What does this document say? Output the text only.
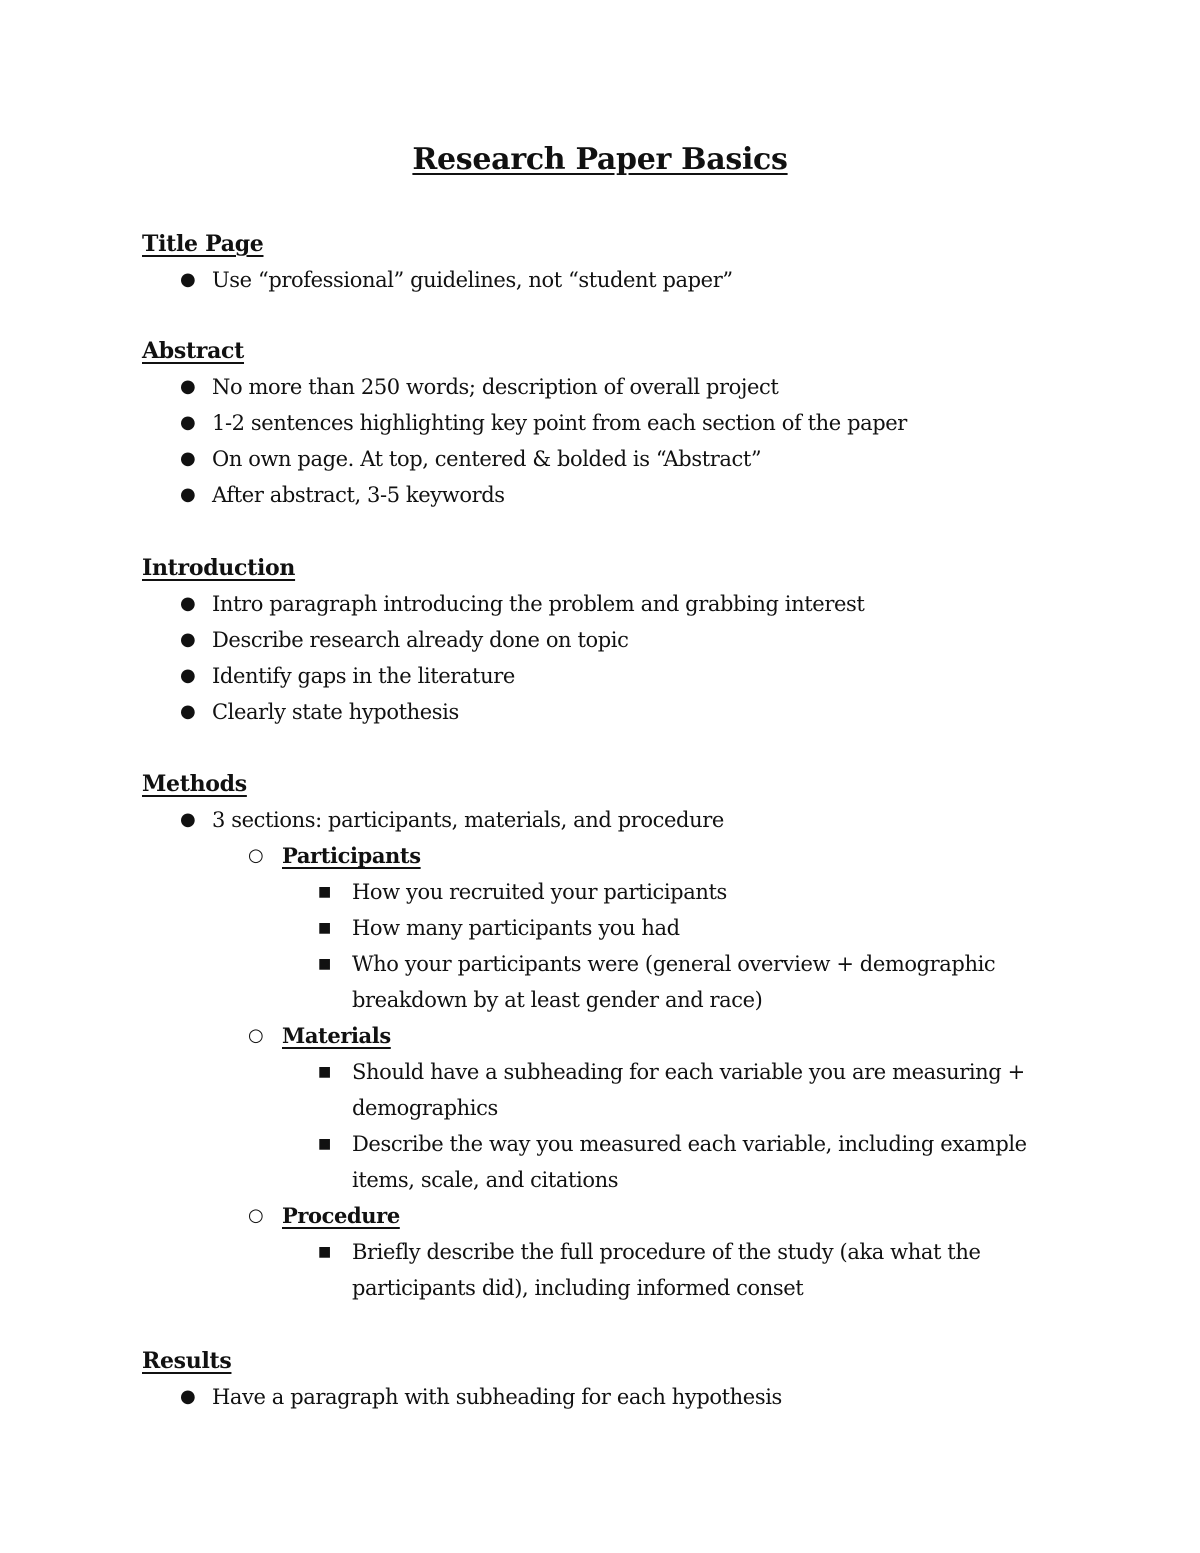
Research Paper Basics
Title Page
● Use “professional” guidelines, not “student paper”
Abstract
● No more than 250 words; description of overall project
● 1-2 sentences highlighting key point from each section of the paper
● On own page. At top, centered & bolded is “Abstract”
● After abstract, 3-5 keywords
Introduction
● Intro paragraph introducing the problem and grabbing interest
● Describe research already done on topic
● Identify gaps in the literature
● Clearly state hypothesis
Methods
● 3 sections: participants, materials, and procedure
○ Participants
■ How you recruited your participants
■ How many participants you had
■ Who your participants were (general overview + demographic breakdown by at least gender and race)
○ Materials
■ Should have a subheading for each variable you are measuring + demographics
■ Describe the way you measured each variable, including example items, scale, and citations
○ Procedure
■ Briefly describe the full procedure of the study (aka what the participants did), including informed conset
Results
● Have a paragraph with subheading for each hypothesis
